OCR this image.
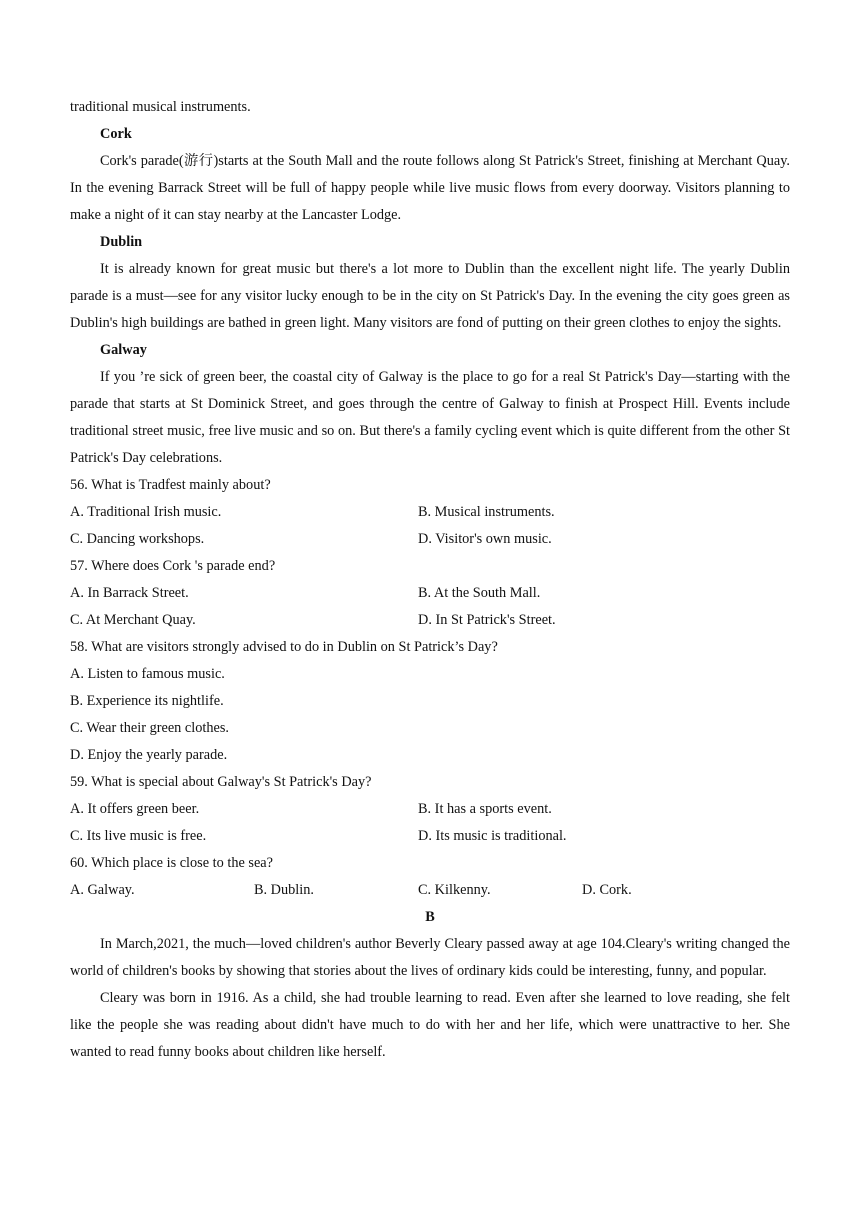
traditional musical instruments.
Cork

Cork's parade(游行)starts at the South Mall and the route follows along St Patrick's Street, finishing at Merchant Quay. In the evening Barrack Street will be full of happy people while live music flows from every doorway. Visitors planning to make a night of it can stay nearby at the Lancaster Lodge.

Dublin

It is already known for great music but there's a lot more to Dublin than the excellent night life. The yearly Dublin parade is a must—see for any visitor lucky enough to be in the city on St Patrick's Day. In the evening the city goes green as Dublin's high buildings are bathed in green light. Many visitors are fond of putting on their green clothes to enjoy the sights.

Galway

If you ’re sick of green beer, the coastal city of Galway is the place to go for a real St Patrick's Day—starting with the parade that starts at St Dominick Street, and goes through the centre of Galway to finish at Prospect Hill. Events include traditional street music, free live music and so on. But there's a family cycling event which is quite different from the other St Patrick's Day celebrations.

56. What is Tradfest mainly about?
A. Traditional Irish music.	B. Musical instruments.
C. Dancing workshops.	D. Visitor's own music.
57. Where does Cork 's parade end?
A. In Barrack Street.	B. At the South Mall.
C. At Merchant Quay.	D. In St Patrick's Street.
58. What are visitors strongly advised to do in Dublin on St Patrick’s Day?
A. Listen to famous music.
B. Experience its nightlife.
C. Wear their green clothes.
D. Enjoy the yearly parade.
59. What is special about Galway's St Patrick's Day?
A. It offers green beer.	B. It has a sports event.
C. Its live music is free.	D. Its music is traditional.
60. Which place is close to the sea?
A. Galway.	B. Dublin.	C. Kilkenny.	D. Cork.
B

In March,2021, the much—loved children's author Beverly Cleary passed away at age 104.Cleary's writing changed the world of children's books by showing that stories about the lives of ordinary kids could be interesting, funny, and popular.

Cleary was born in 1916. As a child, she had trouble learning to read. Even after she learned to love reading, she felt like the people she was reading about didn't have much to do with her and her life, which were unattractive to her. She wanted to read funny books about children like herself.
